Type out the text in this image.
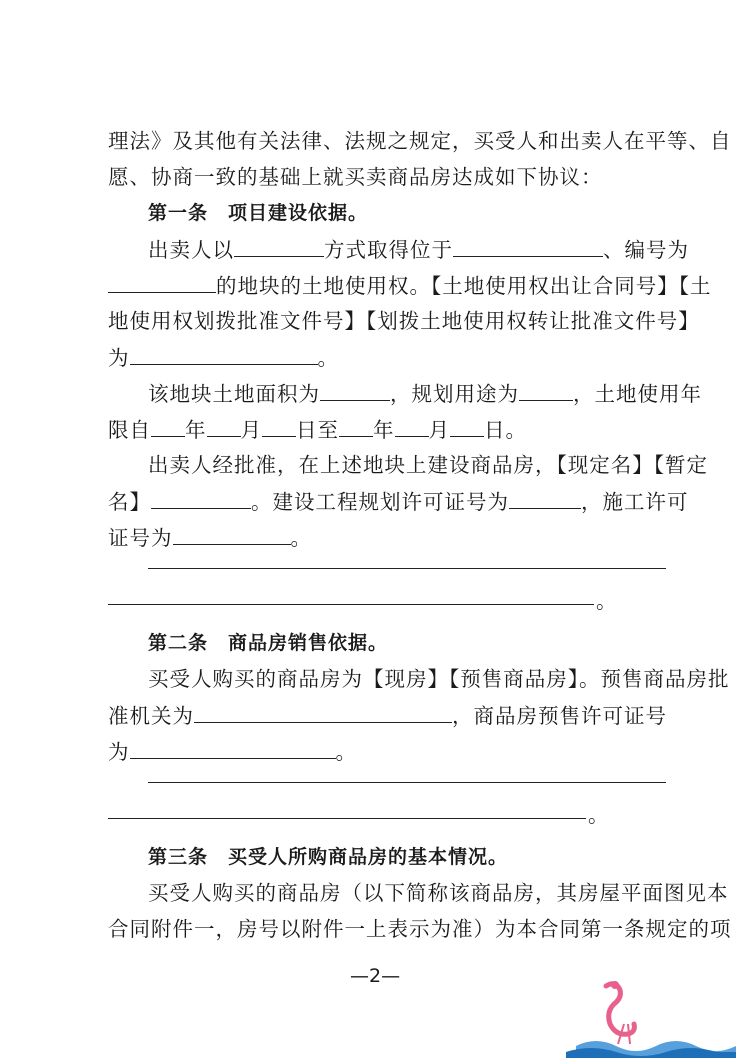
理法》及其他有关法律、法规之规定，买受人和出卖人在平等、自
愿、协商一致的基础上就买卖商品房达成如下协议：
第一条　项目建设依据。
出卖人以	方式取得位于	、编号为
的地块的土地使用权。【土地使用权出让合同号】【土
地使用权划拨批准文件号】【划拨土地使用权转让批准文件号】
为	。
该地块土地面积为	，规划用途为	，土地使用年
限自 年 月 日至 年 月 日。
出卖人经批准，在上述地块上建设商品房，【现定名】【暂定
名】	。建设工程规划许可证号为	，施工许可
证号为	。
。
第二条　商品房销售依据。
买受人购买的商品房为【现房】【预售商品房】。预售商品房批
准机关为	，商品房预售许可证号
为	。
。
第三条　买受人所购商品房的基本情况。
买受人购买的商品房（以下简称该商品房，其房屋平面图见本
合同附件一，房号以附件一上表示为准）为本合同第一条规定的项
—2—
